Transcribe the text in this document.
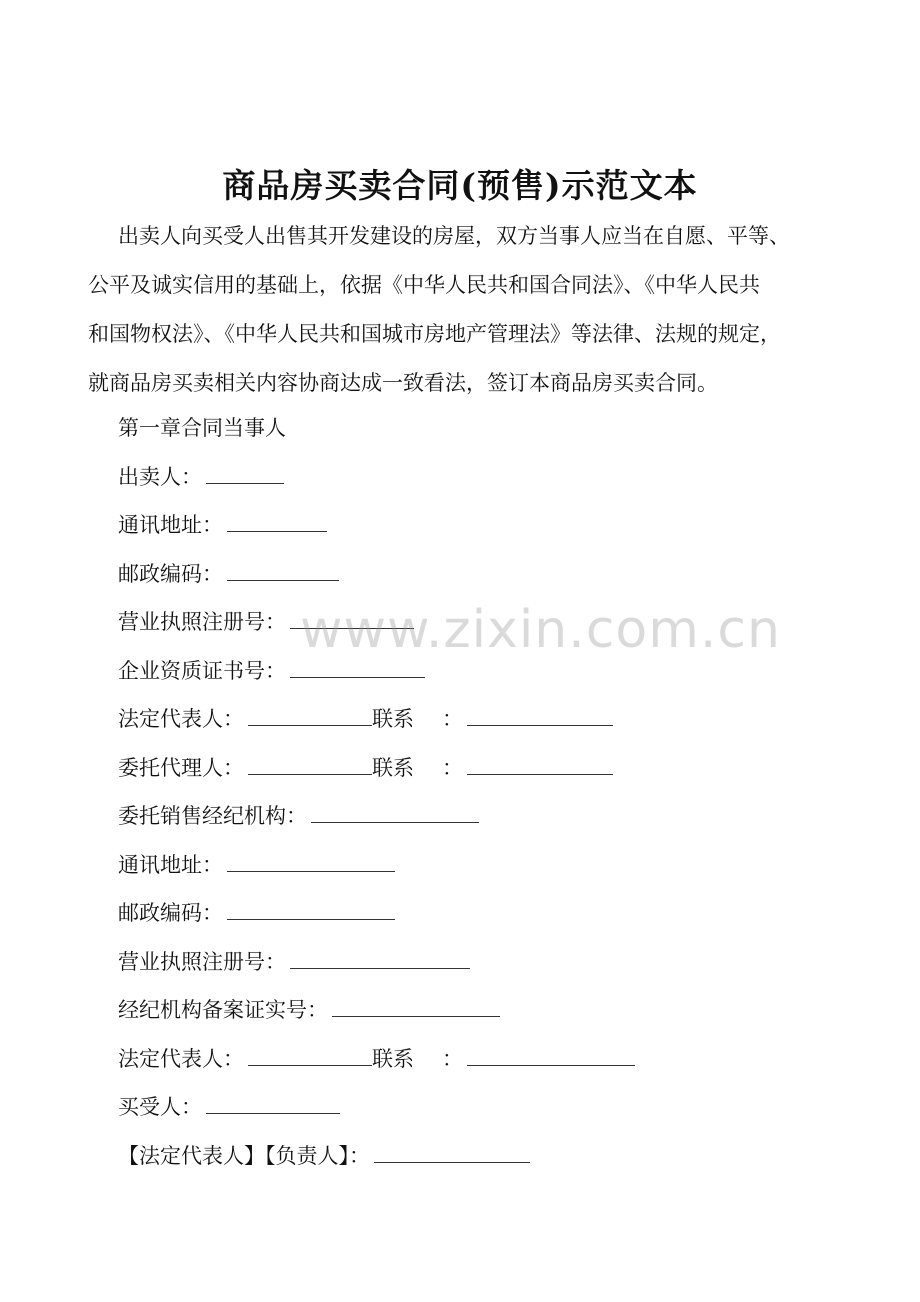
商品房买卖合同(预售)示范文本
出卖人向买受人出售其开发建设的房屋，双方当事人应当在自愿、平等、
公平及诚实信用的基础上，依据《中华人民共和国合同法》、《中华人民共
和国物权法》、《中华人民共和国城市房地产管理法》等法律、法规的规定，
就商品房买卖相关内容协商达成一致看法，签订本商品房买卖合同。
第一章合同当事人
出卖人：
通讯地址：
邮政编码：
营业执照注册号：
企业资质证书号：
法定代表人：	联系 ：
委托代理人：	联系 ：
委托销售经纪机构：
通讯地址：
邮政编码：
营业执照注册号：
经纪机构备案证实号：
法定代表人：	联系 ：
买受人：
【法定代表人】【负责人】：
www.zixin.com.cn
